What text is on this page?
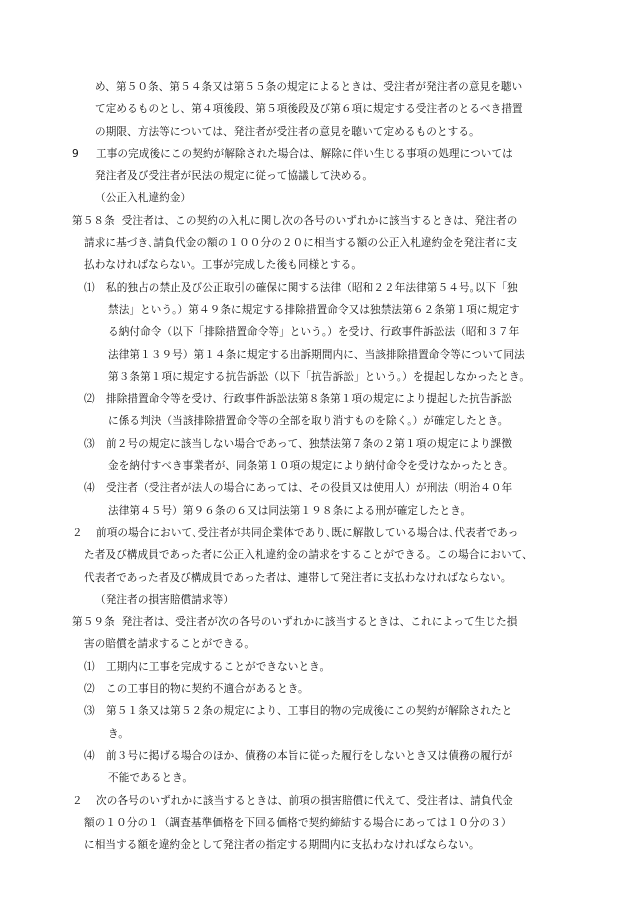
め、第５０条、第５４条又は第５５条の規定によるときは、受注者が発注者の意見を聴い
て定めるものとし、第４項後段、第５項後段及び第６項に規定する受注者のとるべき措置
の期限、方法等については、発注者が受注者の意見を聴いて定めるものとする。
9 工事の完成後にこの契約が解除された場合は、解除に伴い生じる事項の処理については
発注者及び受注者が民法の規定に従って協議して決める。
（公正入札違約金）
第５８条 受注者は、この契約の入札に関し次の各号のいずれかに該当するときは、発注者の
請求に基づき､請負代金の額の１００分の２０に相当する額の公正入札違約金を発注者に支
払わなければならない。工事が完成した後も同様とする。
⑴ 私的独占の禁止及び公正取引の確保に関する法律（昭和２２年法律第５４号｡以下「独
禁法」という。）第４９条に規定する排除措置命令又は独禁法第６２条第１項に規定す
る納付命令（以下「排除措置命令等」という。）を受け、行政事件訴訟法（昭和３７年
法律第１３９号）第１４条に規定する出訴期間内に、当該排除措置命令等について同法
第３条第１項に規定する抗告訴訟（以下「抗告訴訟」という。）を提起しなかったとき。
⑵ 排除措置命令等を受け、行政事件訴訟法第８条第１項の規定により提起した抗告訴訟
に係る判決（当該排除措置命令等の全部を取り消すものを除く。）が確定したとき。
⑶ 前２号の規定に該当しない場合であって、独禁法第７条の２第１項の規定により課徴
金を納付すべき事業者が、同条第１０項の規定により納付命令を受けなかったとき。
⑷ 受注者（受注者が法人の場合にあっては、その役員又は使用人）が刑法（明治４０年
法律第４５号）第９６条の６又は同法第１９８条による刑が確定したとき。
２ 前項の場合において､受注者が共同企業体であり､既に解散している場合は､代表者であっ
た者及び構成員であった者に公正入札違約金の請求をすることができる。この場合において、
代表者であった者及び構成員であった者は、連帯して発注者に支払わなければならない。
（発注者の損害賠償請求等）
第５９条 発注者は、受注者が次の各号のいずれかに該当するときは、これによって生じた損
害の賠償を請求することができる。
⑴ 工期内に工事を完成することができないとき。
⑵ この工事目的物に契約不適合があるとき。
⑶ 第５１条又は第５２条の規定により、工事目的物の完成後にこの契約が解除されたと
き。
⑷ 前３号に掲げる場合のほか、債務の本旨に従った履行をしないとき又は債務の履行が
不能であるとき。
２ 次の各号のいずれかに該当するときは、前項の損害賠償に代えて、受注者は、請負代金
額の１０分の１（調査基準価格を下回る価格で契約締結する場合にあっては１０分の３）
に相当する額を違約金として発注者の指定する期間内に支払わなければならない。
